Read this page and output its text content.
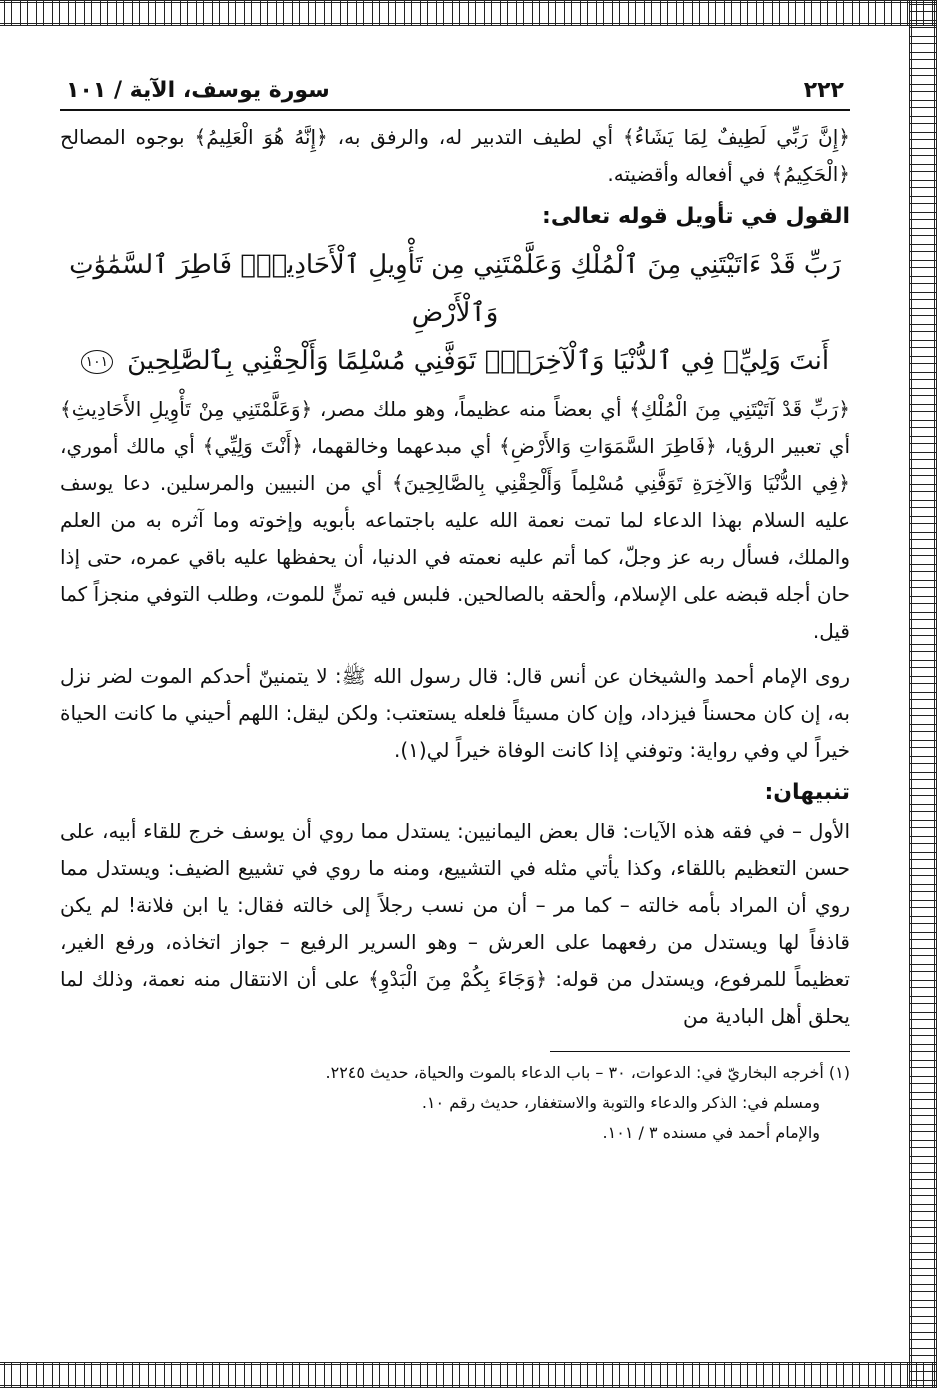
٢٢٢
سورة يوسف، الآية / ١٠١

﴿إِنَّ رَبِّي لَطِيفٌ لِمَا يَشَاءُ﴾ أي لطيف التدبير له، والرفق به، ﴿إِنَّهُ هُوَ الْعَلِيمُ﴾ بوجوه المصالح ﴿الْحَكِيمُ﴾ في أفعاله وأقضيته.

القول في تأويل قوله تعالى:

رَبِّ قَدْ ءَاتَيْتَنِي مِنَ ٱلْمُلْكِ وَعَلَّمْتَنِي مِن تَأْوِيلِ ٱلْأَحَادِيثِۚ فَاطِرَ ٱلسَّمَٰوَٰتِ وَٱلْأَرْضِ
أَنتَ وَلِيِّۦ فِي ٱلدُّنْيَا وَٱلْآخِرَةِۖ تَوَفَّنِي مُسْلِمًا وَأَلْحِقْنِي بِٱلصَّٰلِحِينَ ١٠١

﴿رَبِّ قَدْ آتَيْتَنِي مِنَ الْمُلْكِ﴾ أي بعضاً منه عظيماً، وهو ملك مصر، ﴿وَعَلَّمْتَنِي مِنْ تَأْوِيلِ الأَحَادِيثِ﴾ أي تعبير الرؤيا، ﴿فَاطِرَ السَّمَوَاتِ وَالأَرْضِ﴾ أي مبدعهما وخالقهما، ﴿أَنْتَ وَلِيِّي﴾ أي مالك أموري، ﴿فِي الدُّنْيَا وَالآخِرَةِ تَوَفَّنِي مُسْلِماً وَأَلْحِقْنِي بِالصَّالِحِينَ﴾ أي من النبيين والمرسلين. دعا يوسف عليه السلام بهذا الدعاء لما تمت نعمة الله عليه باجتماعه بأبويه وإخوته وما آثره به من العلم والملك، فسأل ربه عز وجلّ، كما أتم عليه نعمته في الدنيا، أن يحفظها عليه باقي عمره، حتى إذا حان أجله قبضه على الإسلام، وألحقه بالصالحين. فلبس فيه تمنٍّ للموت، وطلب التوفي منجزاً كما قيل.

روى الإمام أحمد والشيخان عن أنس قال: قال رسول الله ﷺ: لا يتمنينّ أحدكم الموت لضر نزل به، إن كان محسناً فيزداد، وإن كان مسيئاً فلعله يستعتب: ولكن ليقل: اللهم أحيني ما كانت الحياة خيراً لي وفي رواية: وتوفني إذا كانت الوفاة خيراً لي(١).

تنبيهان:

الأول – في فقه هذه الآيات: قال بعض اليمانيين: يستدل مما روي أن يوسف خرج للقاء أبيه، على حسن التعظيم باللقاء، وكذا يأتي مثله في التشييع، ومنه ما روي في تشييع الضيف: ويستدل مما روي أن المراد بأمه خالته – كما مر – أن من نسب رجلاً إلى خالته فقال: يا ابن فلانة! لم يكن قاذفاً لها ويستدل من رفعهما على العرش – وهو السرير الرفيع – جواز اتخاذه، ورفع الغير، تعظيماً للمرفوع، ويستدل من قوله: ﴿وَجَاءَ بِكُمْ مِنَ الْبَدْوِ﴾ على أن الانتقال منه نعمة، وذلك لما يحلق أهل البادية من

(١) أخرجه البخاريّ في: الدعوات، ٣٠ – باب الدعاء بالموت والحياة، حديث ٢٢٤٥.

ومسلم في: الذكر والدعاء والتوبة والاستغفار، حديث رقم ١٠.

والإمام أحمد في مسنده ٣ / ١٠١.
